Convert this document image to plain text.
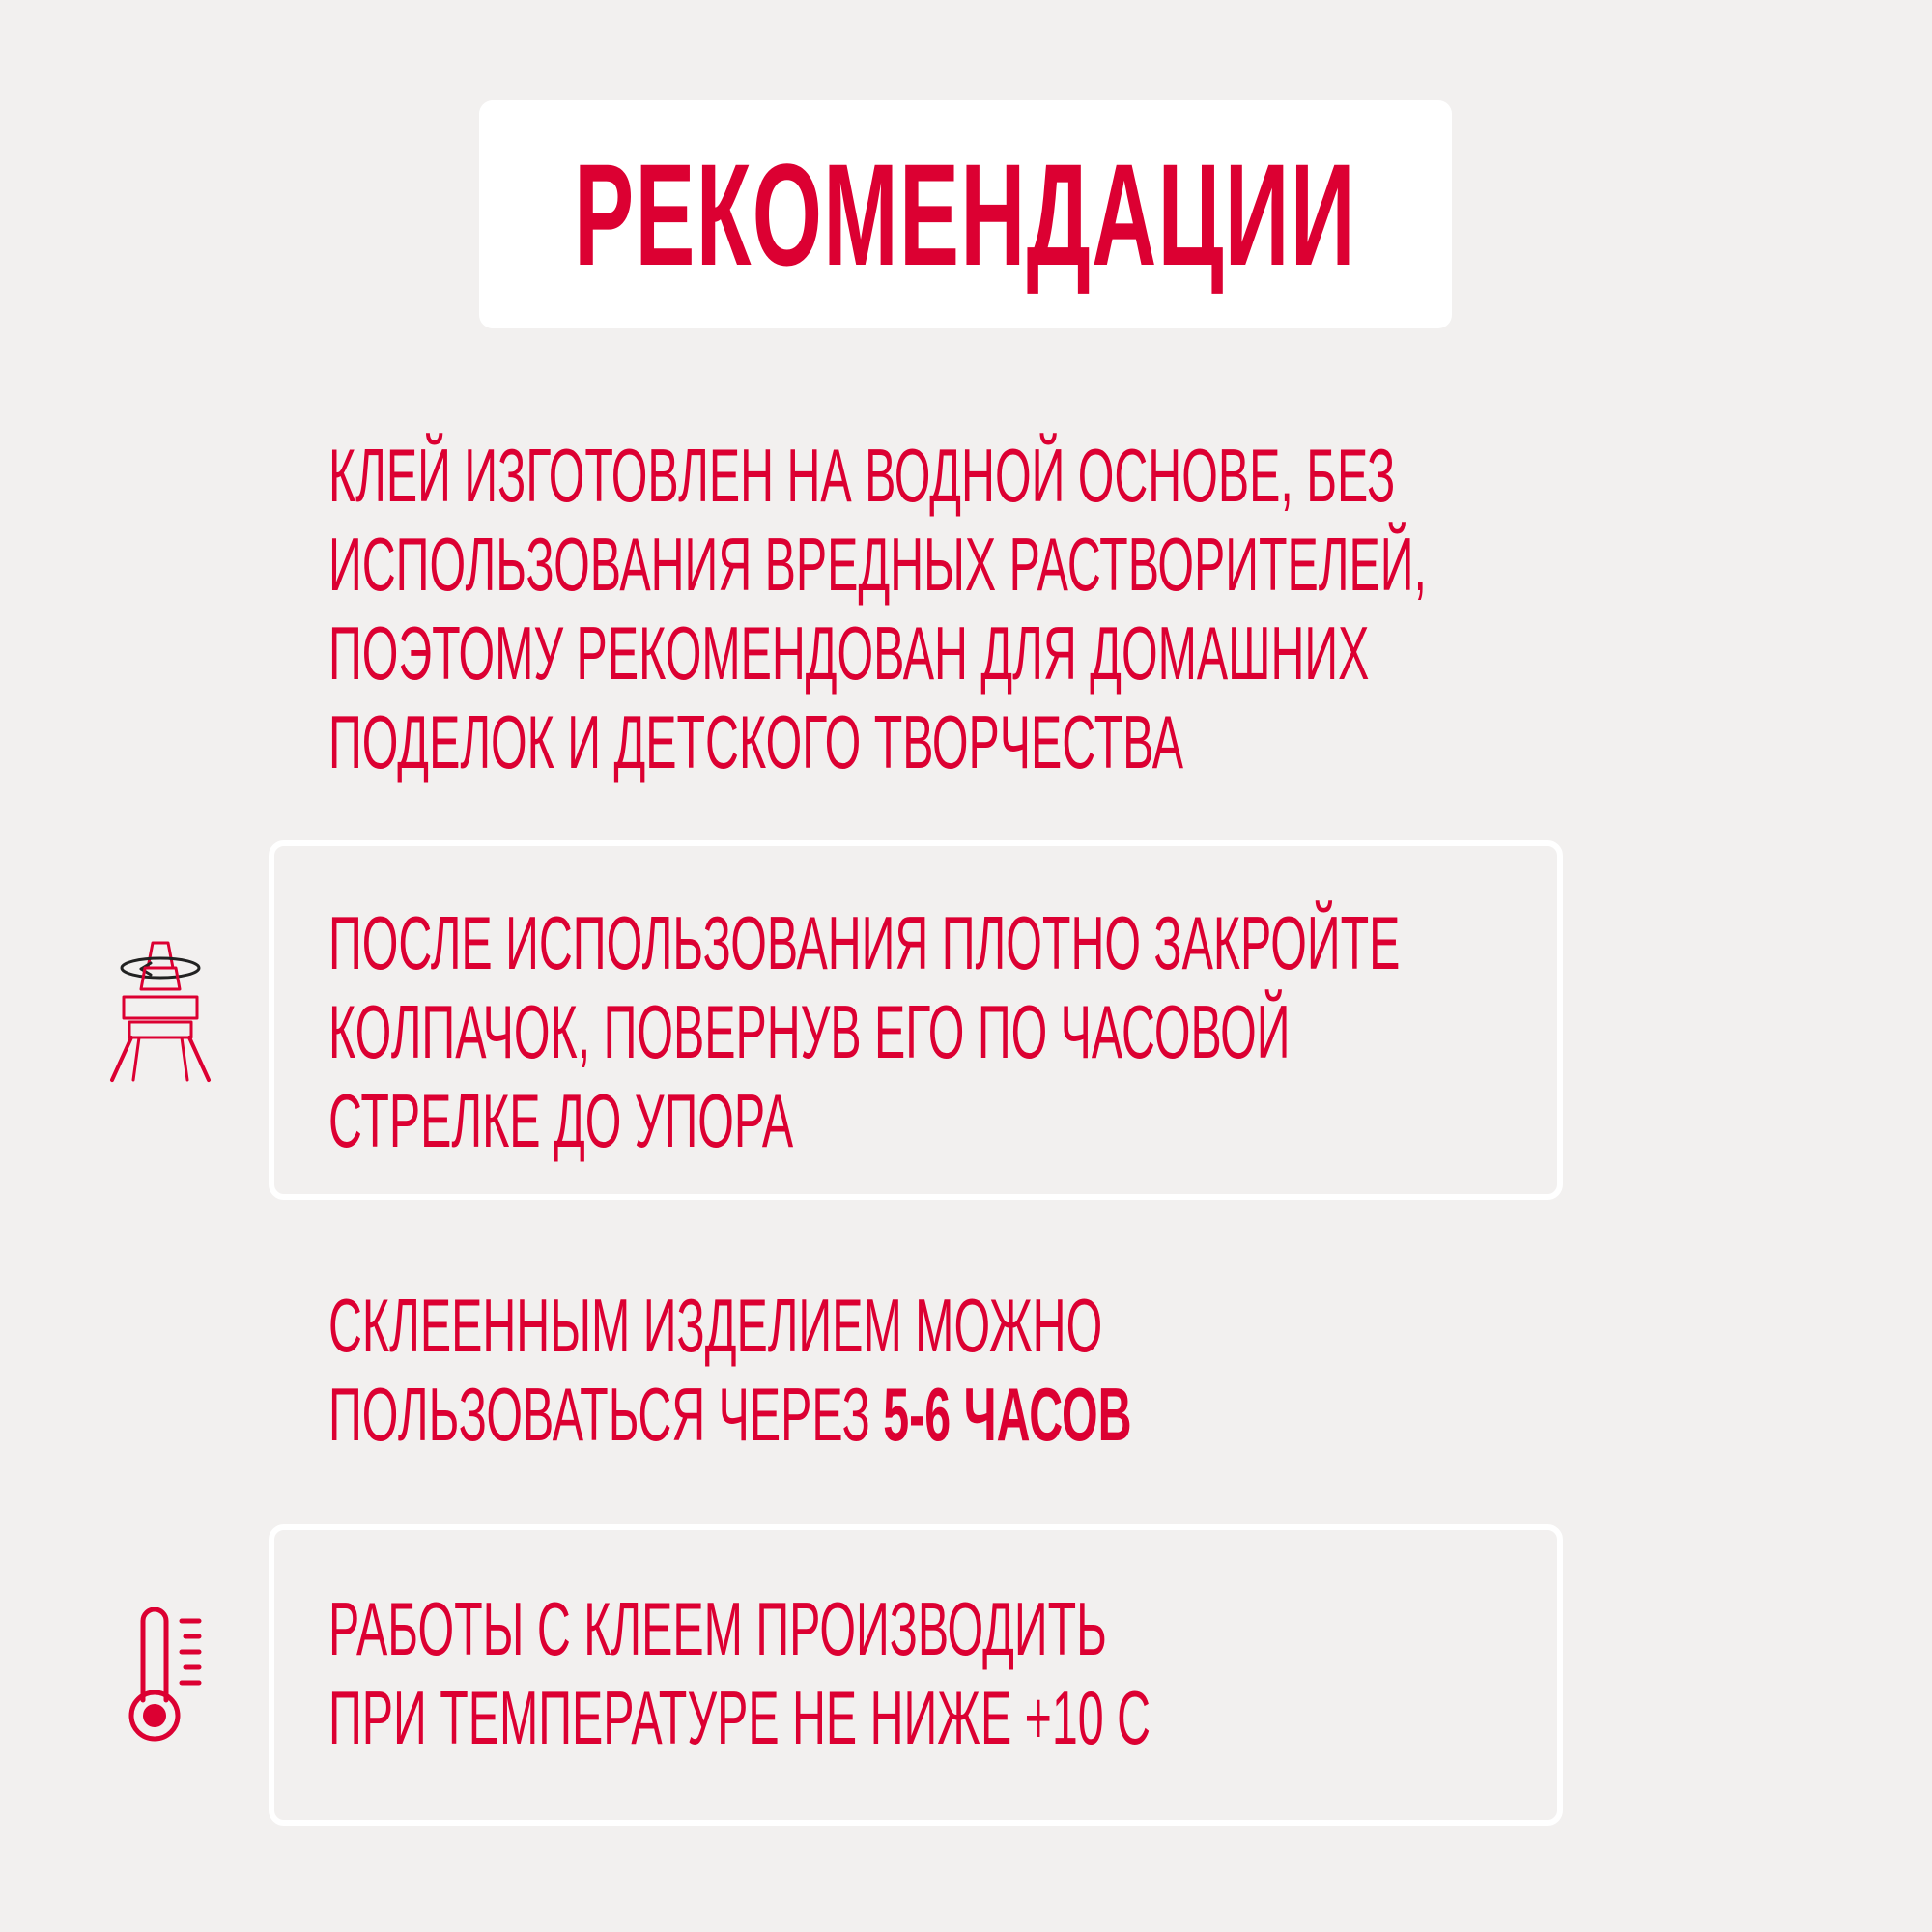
РЕКОМЕНДАЦИИ
КЛЕЙ ИЗГОТОВЛЕН НА ВОДНОЙ ОСНОВЕ, БЕЗ
ИСПОЛЬЗОВАНИЯ ВРЕДНЫХ РАСТВОРИТЕЛЕЙ,
ПОЭТОМУ РЕКОМЕНДОВАН ДЛЯ ДОМАШНИХ
ПОДЕЛОК И ДЕТСКОГО ТВОРЧЕСТВА
ПОСЛЕ ИСПОЛЬЗОВАНИЯ ПЛОТНО ЗАКРОЙТЕ
КОЛПАЧОК, ПОВЕРНУВ ЕГО ПО ЧАСОВОЙ
СТРЕЛКЕ ДО УПОРА
СКЛЕЕННЫМ ИЗДЕЛИЕМ МОЖНО
ПОЛЬЗОВАТЬСЯ ЧЕРЕЗ 5-6 ЧАСОВ
РАБОТЫ С КЛЕЕМ ПРОИЗВОДИТЬ
ПРИ ТЕМПЕРАТУРЕ НЕ НИЖЕ +10 С
